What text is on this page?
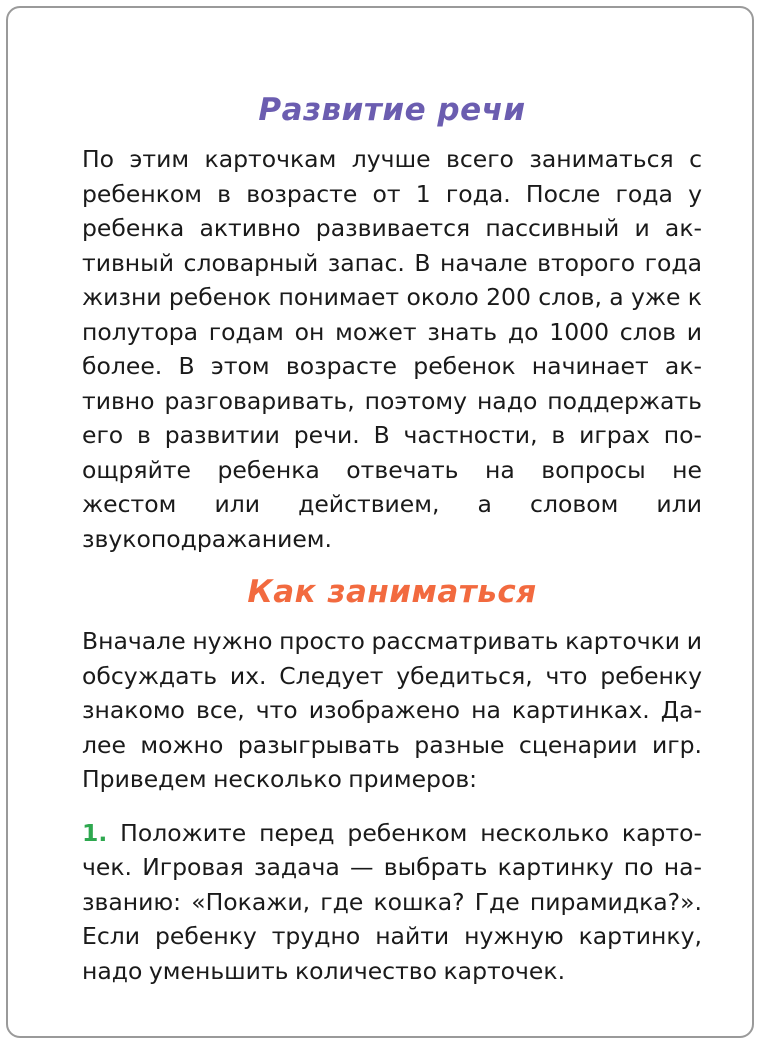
Развитие речи

По этим карточкам лучше всего заниматься с ребенком в возрасте от 1 года. После года у ребенка активно развивается пассивный и активный словарный запас. В начале второго года жизни ребенок понимает около 200 слов, а уже к полутора годам он может знать до 1000 слов и более. В этом возрасте ребенок начинает активно разговаривать, поэтому надо поддержать его в развитии речи. В частности, в играх поощряйте ребенка отвечать на вопросы не жестом или действием, а словом или звукоподражанием.

Как заниматься

Вначале нужно просто рассматривать карточки и обсуждать их. Следует убедиться, что ребенку знакомо все, что изображено на картинках. Далее можно разыгрывать разные сценарии игр. Приведем несколько примеров:

1. Положите перед ребенком несколько карточек. Игровая задача — выбрать картинку по названию: «Покажи, где кошка? Где пирамидка?». Если ребенку трудно найти нужную картинку, надо уменьшить количество карточек.
